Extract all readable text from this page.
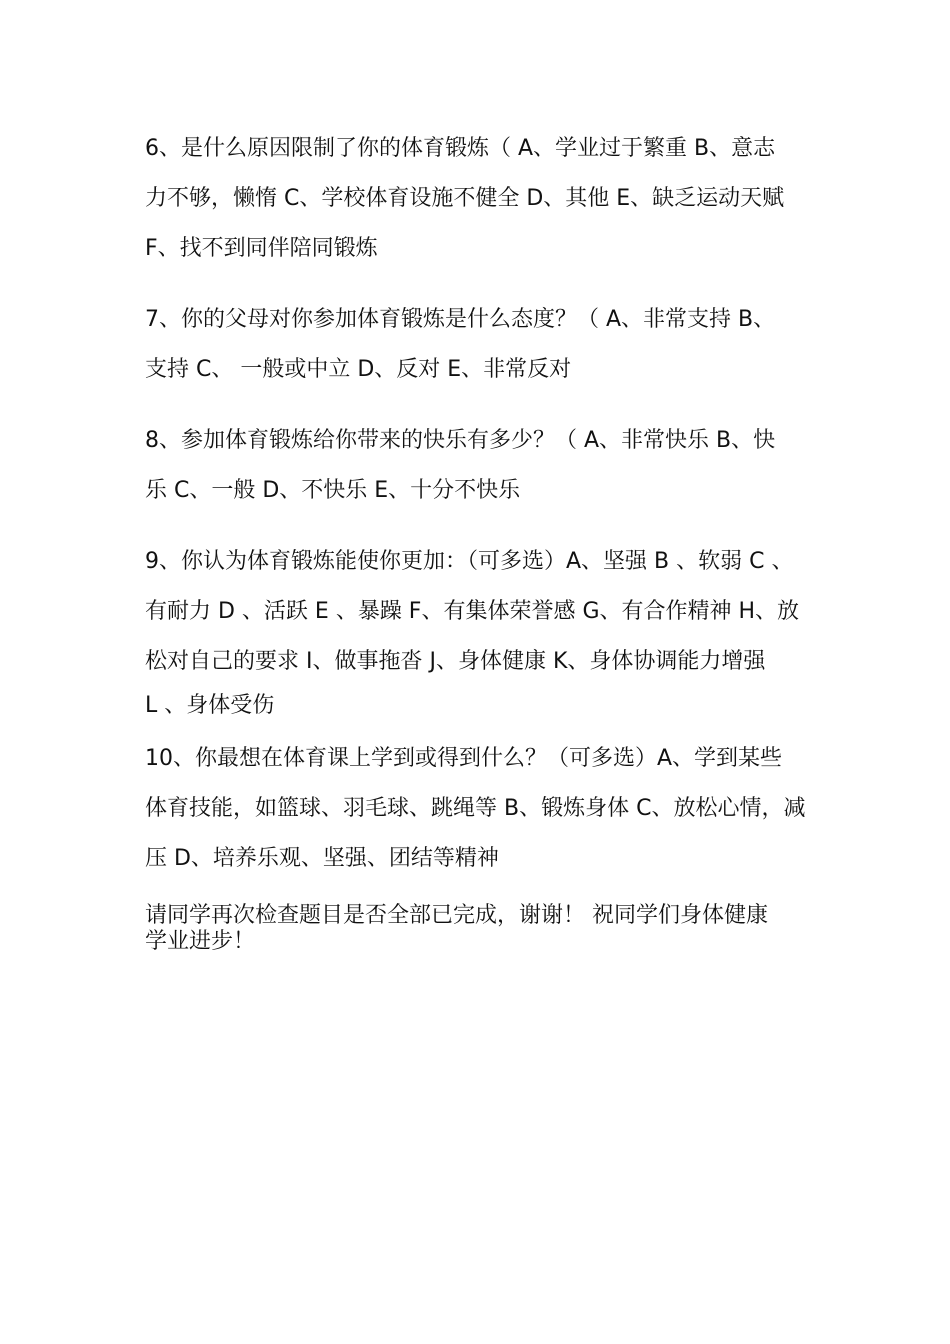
6、是什么原因限制了你的体育锻炼（ A、学业过于繁重 B、意志
力不够，懒惰 C、学校体育设施不健全 D、其他 E、缺乏运动天赋
F、找不到同伴陪同锻炼
7、你的父母对你参加体育锻炼是什么态度？（ A、非常支持 B、
支持 C、 一般或中立 D、反对 E、非常反对
8、参加体育锻炼给你带来的快乐有多少？（ A、非常快乐 B、快
乐 C、一般 D、不快乐 E、十分不快乐
9、你认为体育锻炼能使你更加：（可多选）A、坚强 B 、软弱 C 、
有耐力 D 、活跃 E 、暴躁 F、有集体荣誉感 G、有合作精神 H、放
松对自己的要求 I、做事拖沓 J、身体健康 K、身体协调能力增强
L 、身体受伤
10、你最想在体育课上学到或得到什么？（可多选）A、学到某些
体育技能，如篮球、羽毛球、跳绳等 B、锻炼身体 C、放松心情，减
压 D、培养乐观、坚强、团结等精神
请同学再次检查题目是否全部已完成，谢谢！ 祝同学们身体健康
学业进步！
